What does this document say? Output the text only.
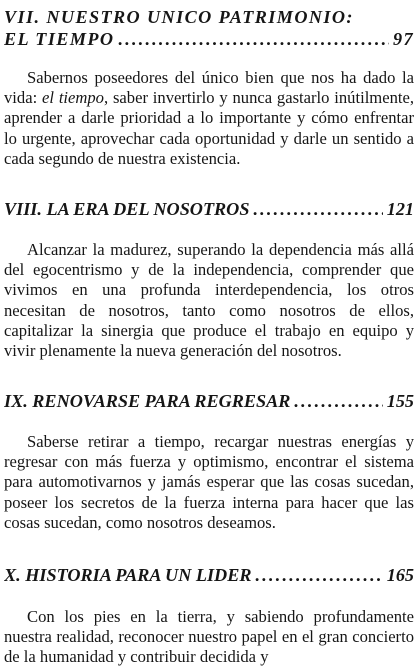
VII. NUESTRO UNICO PATRIMONIO:
EL TIEMPO .....	97

Sabernos poseedores del único bien que nos ha dado la vida: el tiempo, saber invertirlo y nunca gastarlo inútilmente, aprender a darle prioridad a lo importante y cómo enfrentar lo urgente, aprovechar cada oportunidad y darle un sentido a cada segundo de nuestra existencia.

VIII. LA ERA DEL NOSOTROS .....	121

Alcanzar la madurez, superando la dependencia más allá del egocentrismo y de la independencia, comprender que vivimos en una profunda interdependencia, los otros necesitan de nosotros, tanto como nosotros de ellos, capitalizar la sinergia que produce el trabajo en equipo y vivir plenamente la nueva generación del nosotros.

IX. RENOVARSE PARA REGRESAR .....	155

Saberse retirar a tiempo, recargar nuestras energías y regresar con más fuerza y optimismo, encontrar el sistema para automotivarnos y jamás esperar que las cosas sucedan, poseer los secretos de la fuerza interna para hacer que las cosas sucedan, como nosotros deseamos.

X. HISTORIA PARA UN LIDER .....	165

Con los pies en la tierra, y sabiendo profundamente nuestra realidad, reconocer nuestro papel en el gran concierto de la humanidad y contribuir decidida y
